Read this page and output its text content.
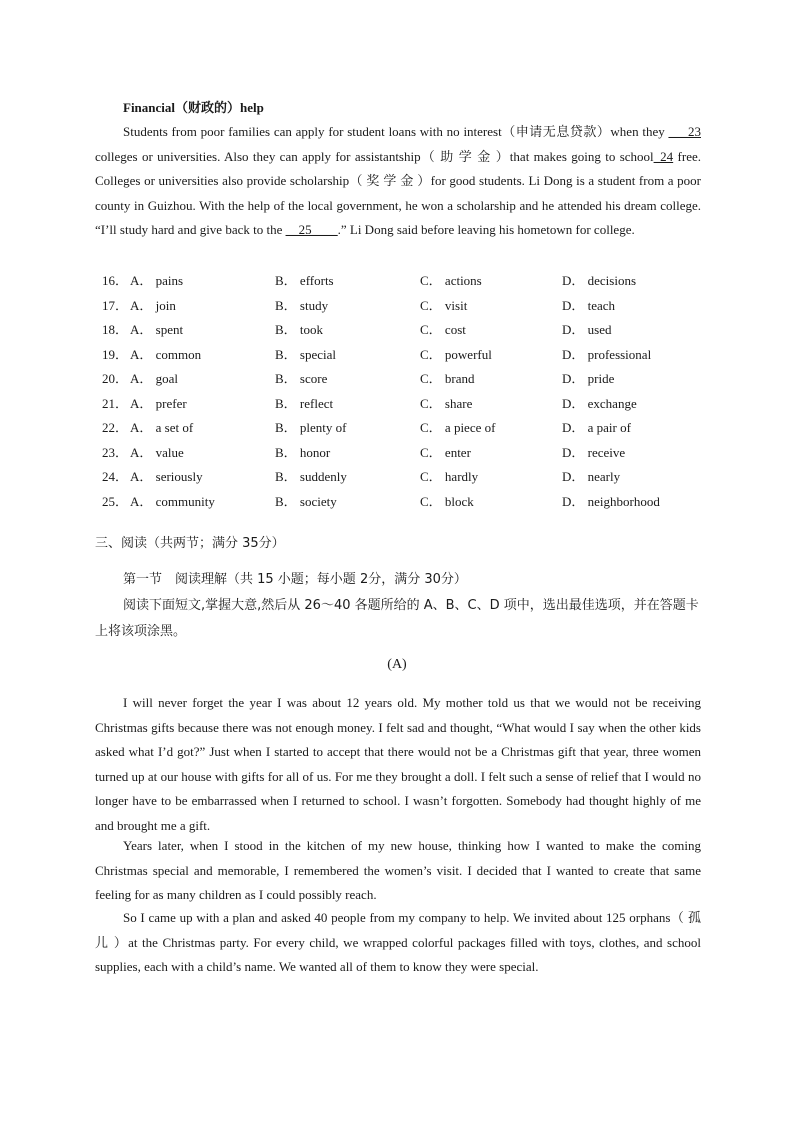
Financial（财政的）help
Students from poor families can apply for student loans with no interest（申请无息贷款）when they ___23 colleges or universities. Also they can apply for assistantship（ 助 学 金 ）that makes going to school_24 free. Colleges or universities also provide scholarship（ 奖 学 金 ）for good students. Li Dong is a student from a poor county in Guizhou. With the help of the local government, he won a scholarship and he attended his dream college. “I’ll study hard and give back to the __25____.” Li Dong said before leaving his hometown for college.
16． A． pains	B． efforts	C． actions	D． decisions
17． A． join	B． study	C． visit	D． teach
18． A． spent	B． took	C． cost	D． used
19． A． common	B． special	C． powerful	D． professional
20． A． goal	B． score	C． brand	D． pride
21． A． prefer	B． reflect	C． share	D． exchange
22． A． a set of	B． plenty of	C． a piece of	D． a pair of
23． A． value	B． honor	C． enter	D． receive
24． A． seriously	B． suddenly	C． hardly	D． nearly
25． A． community	B． society	C． block	D． neighborhood
三、阅读（共两节；满分 35分）
第一节　阅读理解（共 15 小题；每小题 2分，满分 30分）
阅读下面短文,掌握大意,然后从 26～40 各题所给的 A、B、C、D 项中，选出最佳选项，并在答题卡上将该项涂黑。
(A)
I will never forget the year I was about 12 years old. My mother told us that we would not be receiving Christmas gifts because there was not enough money. I felt sad and thought, “What would I say when the other kids asked what I’d got?” Just when I started to accept that there would not be a Christmas gift that year, three women turned up at our house with gifts for all of us. For me they brought a doll. I felt such a sense of relief that I would no longer have to be embarrassed when I returned to school. I wasn’t forgotten. Somebody had thought highly of me and brought me a gift.
Years later, when I stood in the kitchen of my new house, thinking how I wanted to make the coming Christmas special and memorable, I remembered the women’s visit. I decided that I wanted to create that same feeling for as many children as I could possibly reach.
So I came up with a plan and asked 40 people from my company to help. We invited about 125 orphans（ 孤 儿 ）at the Christmas party. For every child, we wrapped colorful packages filled with toys, clothes, and school supplies, each with a child’s name. We wanted all of them to know they were special.
